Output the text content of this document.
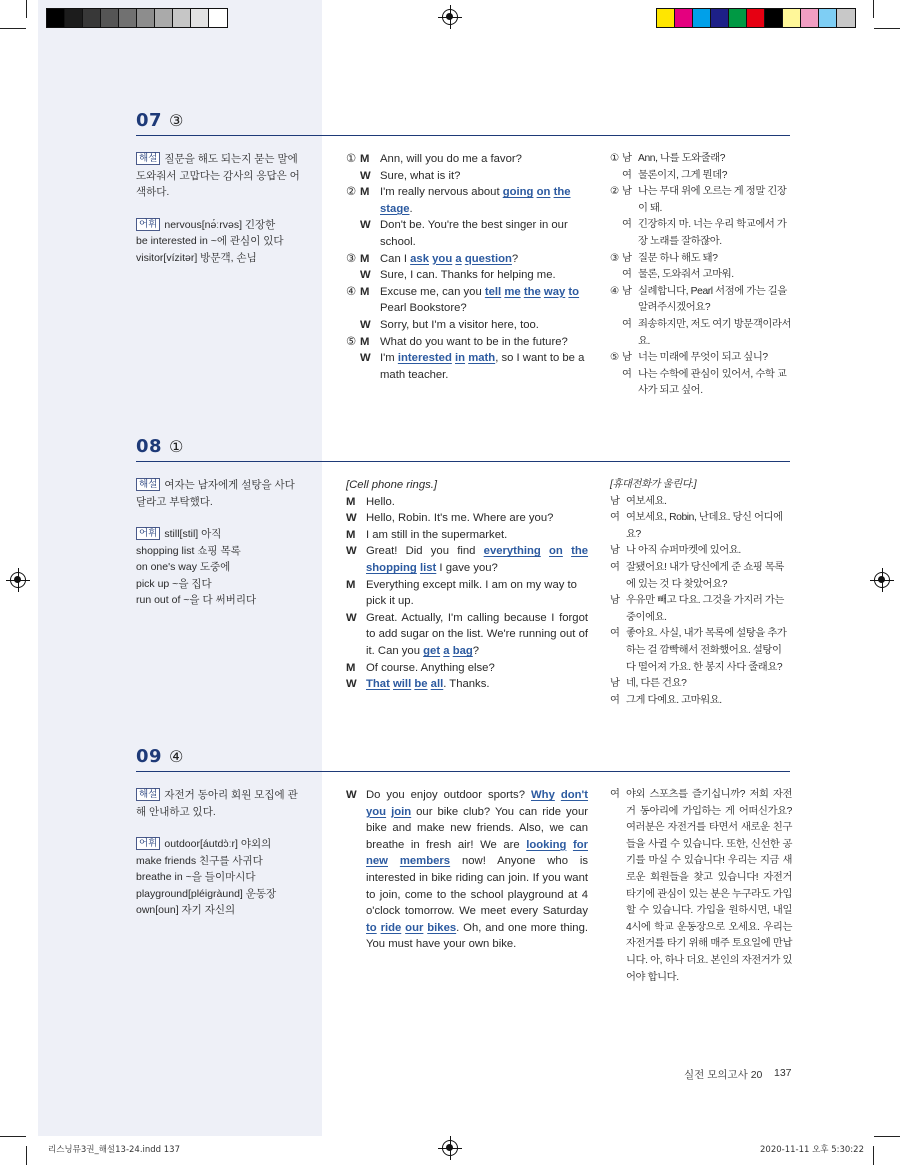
07 ③
해설 질문을 해도 되는지 묻는 말에 도와줘서 고맙다는 감사의 응답은 어색하다.
어휘 nervous[nə́ːrvəs] 긴장한
be interested in ~에 관심이 있다
visitor[vízitər] 방문객, 손님
① M Ann, will you do me a favor?
W Sure, what is it?
② M I'm really nervous about going on the stage.
W Don't be. You're the best singer in our school.
③ M Can I ask you a question?
W Sure, I can. Thanks for helping me.
④ M Excuse me, can you tell me the way to Pearl Bookstore?
W Sorry, but I'm a visitor here, too.
⑤ M What do you want to be in the future?
W I'm interested in math, so I want to be a math teacher.
① 남 Ann, 나를 도와줄래?
여 물론이지, 그게 뭔데?
② 남 나는 무대 위에 오르는 게 정말 긴장이 돼.
여 긴장하지 마. 너는 우리 학교에서 가장 노래를 잘하잖아.
③ 남 질문 하나 해도 돼?
여 물론, 도와줘서 고마워.
④ 남 실례합니다, Pearl 서점에 가는 길을 알려주시겠어요?
여 죄송하지만, 저도 여기 방문객이라서요.
⑤ 남 너는 미래에 무엇이 되고 싶니?
여 나는 수학에 관심이 있어서, 수학 교사가 되고 싶어.
08 ①
해설 여자는 남자에게 설탕을 사다 달라고 부탁했다.
어휘 still[stil] 아직
shopping list 쇼핑 목록
on one's way 도중에
pick up ~을 집다
run out of ~을 다 써버리다
[Cell phone rings.]
M Hello.
W Hello, Robin. It's me. Where are you?
M I am still in the supermarket.
W Great! Did you find everything on the shopping list I gave you?
M Everything except milk. I am on my way to pick it up.
W Great. Actually, I'm calling because I forgot to add sugar on the list. We're running out of it. Can you get a bag?
M Of course. Anything else?
W That will be all. Thanks.
[휴대전화가 울린다.]
남 여보세요.
여 여보세요, Robin, 난데요. 당신 어디에요?
남 나 아직 슈퍼마켓에 있어요.
여 잘됐어요! 내가 당신에게 준 쇼핑 목록에 있는 것 다 찾았어요?
남 우유만 빼고 다요. 그것을 가지러 가는 중이에요.
여 좋아요. 사실, 내가 목록에 설탕을 추가하는 걸 깜빡해서 전화했어요. 설탕이 다 떨어져 가요. 한 봉지 사다 줄래요?
남 네, 다른 건요?
여 그게 다예요. 고마워요.
09 ④
해설 자전거 동아리 회원 모집에 관해 안내하고 있다.
어휘 outdoor[áutdɔ̀ːr] 야외의
make friends 친구를 사귀다
breathe in ~을 들이마시다
playground[pléigràund] 운동장
own[oun] 자기 자신의
W Do you enjoy outdoor sports? Why don't you join our bike club? You can ride your bike and make new friends. Also, we can breathe in fresh air! We are looking for new members now! Anyone who is interested in bike riding can join. If you want to join, come to the school playground at 4 o'clock tomorrow. We meet every Saturday to ride our bikes. Oh, and one more thing. You must have your own bike.
여 야외 스포츠를 즐기십니까? 저희 자전거 동아리에 가입하는 게 어떠신가요? 여러분은 자전거를 타면서 새로운 친구들을 사귈 수 있습니다. 또한, 신선한 공기를 마실 수 있습니다! 우리는 지금 새로운 회원들을 찾고 있습니다! 자전거 타기에 관심이 있는 분은 누구라도 가입할 수 있습니다. 가입을 원하시면, 내일 4시에 학교 운동장으로 오세요. 우리는 자전거를 타기 위해 매주 토요일에 만납니다. 아, 하나 더요. 본인의 자전거가 있어야 합니다.
실전 모의고사 20 137
리스닝뮤3권_해설13-24.indd 137	2020-11-11 오후 5:30:22
